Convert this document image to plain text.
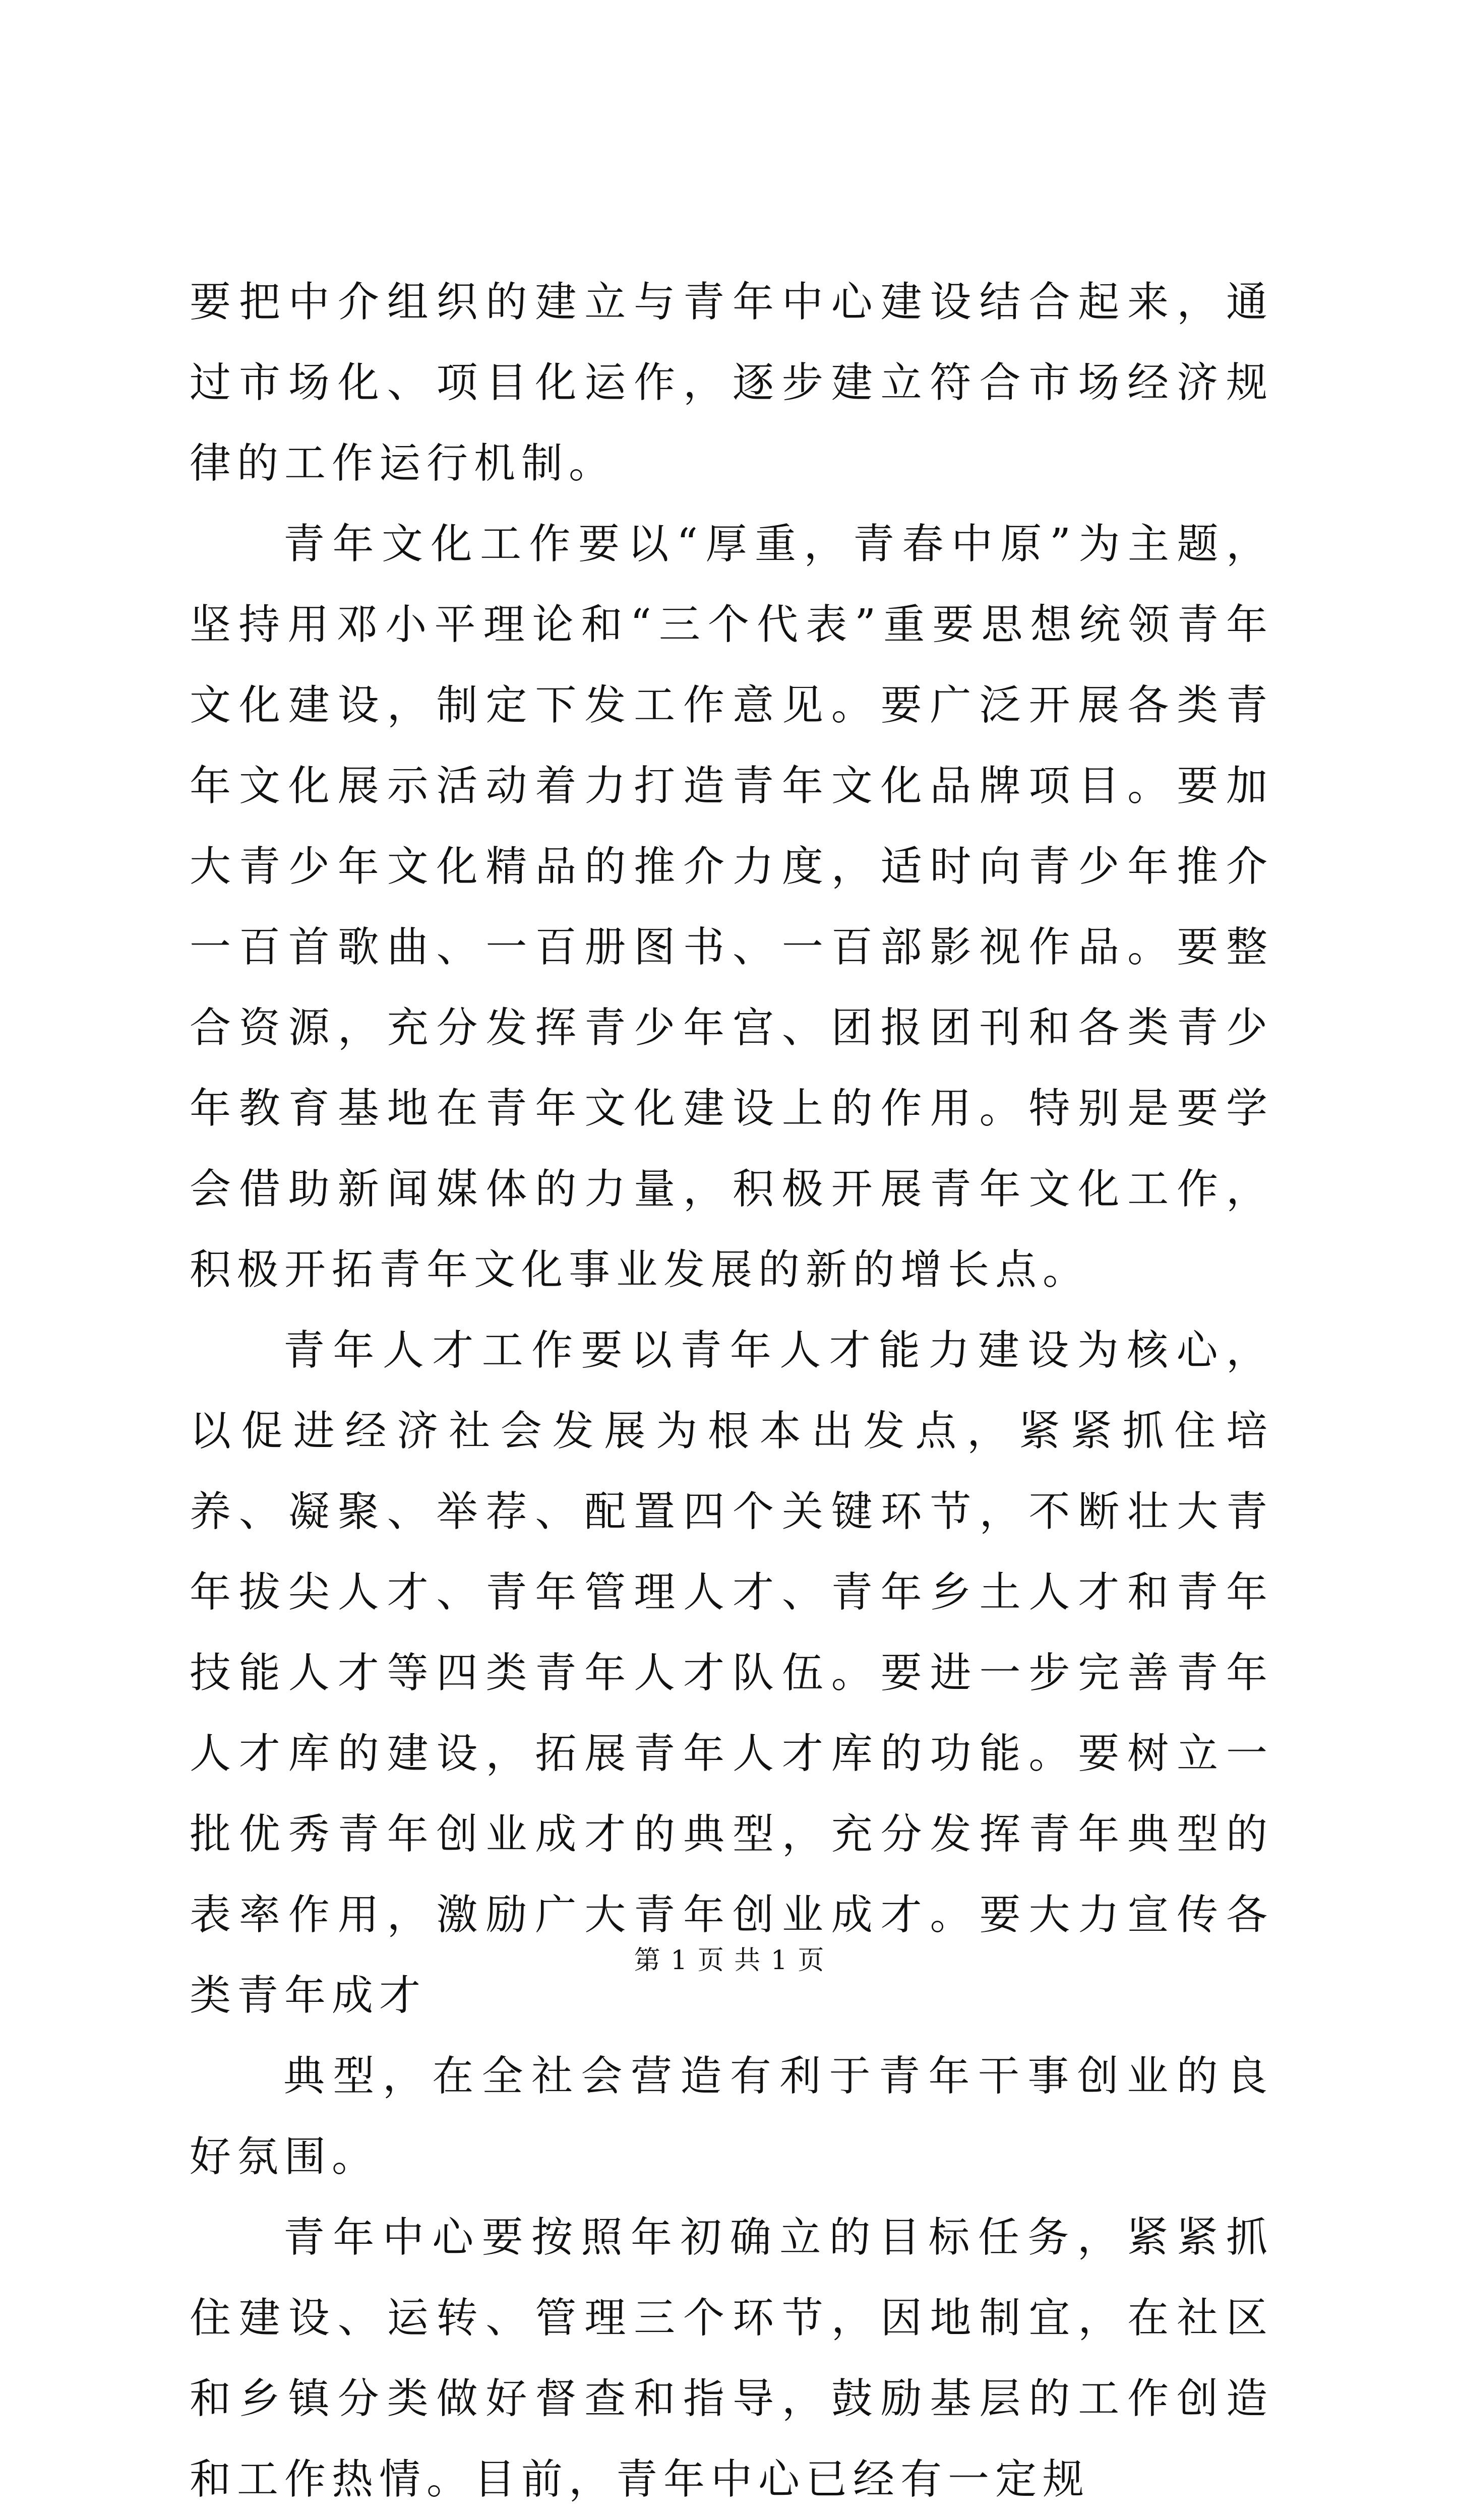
要把中介组织的建立与青年中心建设结合起来，通过市场化、项目化运作，逐步建立符合市场经济规律的工作运行机制。

青年文化工作要以“厚重，青春中原”为主题，坚持用邓小平理论和“三个代表”重要思想统领青年文化建设，制定下发工作意见。要广泛开展各类青年文化展示活动着力打造青年文化品牌项目。要加大青少年文化精品的推介力度，适时向青少年推介一百首歌曲、一百册图书、一百部影视作品。要整合资源，充分发挥青少年宫、团报团刊和各类青少年教育基地在青年文化建设上的作用。特别是要学会借助新闻媒体的力量，积极开展青年文化工作，积极开拓青年文化事业发展的新的增长点。

青年人才工作要以青年人才能力建设为核心，以促进经济社会发展为根本出发点，紧紧抓住培养、凝聚、举荐、配置四个关键环节，不断壮大青年拔尖人才、青年管理人才、青年乡土人才和青年技能人才等四类青年人才队伍。要进一步完善青年人才库的建设，拓展青年人才库的功能。要树立一批优秀青年创业成才的典型，充分发挥青年典型的表率作用，激励广大青年创业成才。要大力宣传各类青年成才

典型，在全社会营造有利于青年干事创业的良好氛围。

青年中心要按照年初确立的目标任务，紧紧抓住建设、运转、管理三个环节，因地制宜，在社区和乡镇分类做好督查和指导，鼓励基层的工作创造和工作热情。目前，青年中心已经有一定规

第 1 页 共 1 页
